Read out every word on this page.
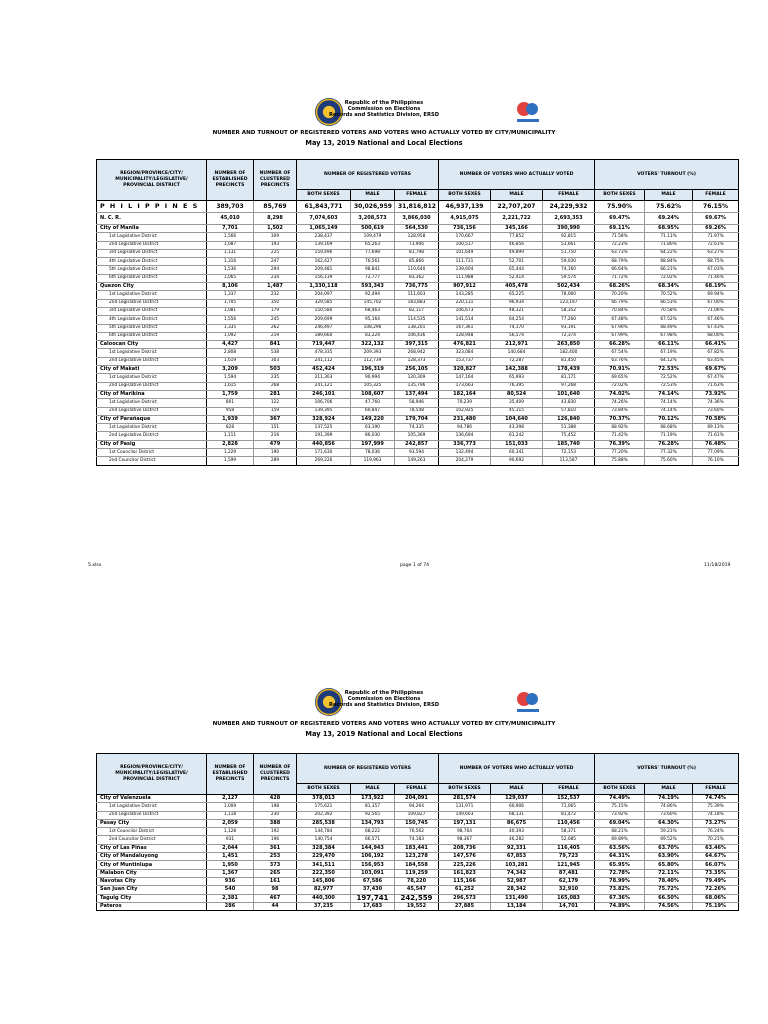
Republic of the Philippines
Commission on Elections
Records and Statistics Division, ERSD
NUMBER AND TURNOUT OF REGISTERED VOTERS AND VOTERS WHO ACTUALLY VOTED BY CITY/MUNICIPALITY
May 13, 2019 National and Local Elections
REGION/PROVINCE/CITY/ MUNICIPALITY/LEGISLATIVE/ PROVINCIAL DISTRICT	NUMBER OF ESTABLISHED PRECINCTS	NUMBER OF CLUSTERED PRECINCTS	NUMBER OF REGISTERED VOTERS			NUMBER OF VOTERS WHO ACTUALLY VOTED			VOTERS' TURNOUT (%)		
			BOTH SEXES	MALE	FEMALE	BOTH SEXES	MALE	FEMALE	BOTH SEXES	MALE	FEMALE
P H I L I P P I N E S	389,703	85,769	61,843,771	30,026,959	31,816,812	46,937,139	22,707,207	24,229,932	75.90%	75.62%	76.15%
N. C. R.	45,010	8,298	7,074,603	3,208,573	3,866,030	4,915,075	2,221,722	2,693,353	69.47%	69.24%	69.67%
City of Manila	7,701	1,502	1,065,149	500,619	564,530	736,156	345,166	390,990	69.11%	68.95%	69.26%
1st Legislative District	1,566	309	238,437	109,479	128,958	170,667	77,852	92,815	71.58%	71.11%	71.97%
2nd Legislative District	1,087	193	139,169	65,263	73,906	100,517	46,856	53,661	72.23%	71.80%	72.61%
3rd Legislative District	1,131	225	159,496	77,698	81,798	101,649	49,899	51,750	63.73%	64.22%	63.27%
4th Legislative District	1,316	247	162,427	76,561	85,866	111,731	52,701	59,030	68.79%	68.84%	68.75%
5th Legislative District	1,536	294	209,481	98,841	110,640	139,604	65,444	74,160	66.64%	66.21%	67.03%
6th Legislative District	1,065	234	156,139	72,777	83,362	111,988	52,414	59,574	71.72%	72.02%	71.46%
Quezon City	8,106	1,487	1,330,118	593,343	736,775	907,912	405,478	502,434	68.26%	68.34%	68.19%
1st Legislative District	1,337	232	204,097	92,494	111,603	143,285	65,225	78,060	70.20%	70.52%	69.94%
2nd Legislative District	1,705	350	329,585	145,702	183,883	220,131	96,934	123,197	66.79%	66.53%	67.00%
3rd Legislative District	1,081	179	150,580	68,463	82,117	106,673	48,321	58,352	70.84%	70.58%	71.06%
4th Legislative District	1,556	245	209,699	95,164	114,535	141,514	64,254	77,260	67.48%	67.52%	67.46%
5th Legislative District	1,335	262	246,497	108,296	138,201	167,361	74,170	93,191	67.90%	68.49%	67.43%
6th Legislative District	1,092	219	189,660	83,224	106,436	128,948	56,574	72,374	67.99%	67.98%	68.00%
Caloocan City	4,427	841	719,447	322,132	397,315	476,821	212,971	263,850	66.28%	66.11%	66.41%
1st Legislative District	2,808	538	478,335	209,393	268,942	323,084	140,684	182,400	67.54%	67.19%	67.82%
2nd Legislative District	1,619	303	241,112	112,739	128,373	153,737	72,287	81,450	63.76%	64.12%	63.45%
City of Makati	3,209	503	452,424	196,319	256,105	320,827	142,388	178,439	70.91%	72.53%	69.67%
1st Legislative District	1,594	235	211,303	90,994	120,309	147,164	65,993	81,171	69.65%	72.52%	67.47%
2nd Legislative District	1,615	268	241,121	105,325	135,796	173,663	76,395	97,268	72.02%	72.53%	71.63%
City of Marikina	1,759	281	246,101	108,607	137,494	182,164	80,524	101,640	74.02%	74.14%	73.92%
1st Legislative District	801	122	106,706	47,760	58,946	79,239	35,409	43,830	74.26%	74.14%	74.36%
2nd Legislative District	958	159	139,395	60,847	78,548	102,925	45,115	57,810	73.84%	74.14%	73.60%
City of Parañaque	1,939	367	328,924	149,220	179,704	231,480	104,640	126,840	70.37%	70.12%	70.58%
1st Legislative District	828	151	137,525	63,190	74,335	94,786	43,398	51,388	68.92%	68.68%	69.13%
2nd Legislative District	1,111	216	191,399	86,030	105,369	136,694	61,242	75,452	71.42%	71.19%	71.61%
City of Pasig	2,828	479	440,856	197,999	242,857	336,773	151,033	185,740	76.39%	76.28%	76.48%
1st Councilor District	1,229	190	171,630	78,036	93,594	132,494	60,341	72,153	77.20%	77.32%	77.09%
2nd Councilor District	1,599	289	269,226	119,963	149,263	204,279	90,692	113,587	75.88%	75.60%	76.10%
5.xlsx	page 1 of 74	11/18/2019
Republic of the Philippines
Commission on Elections
Records and Statistics Division, ERSD
NUMBER AND TURNOUT OF REGISTERED VOTERS AND VOTERS WHO ACTUALLY VOTED BY CITY/MUNICIPALITY
May 13, 2019 National and Local Elections
REGION/PROVINCE/CITY/ MUNICIPALITY/LEGISLATIVE/ PROVINCIAL DISTRICT	NUMBER OF ESTABLISHED PRECINCTS	NUMBER OF CLUSTERED PRECINCTS	NUMBER OF REGISTERED VOTERS			NUMBER OF VOTERS WHO ACTUALLY VOTED			VOTERS' TURNOUT (%)		
			BOTH SEXES	MALE	FEMALE	BOTH SEXES	MALE	FEMALE	BOTH SEXES	MALE	FEMALE
City of Valenzuela	2,127	428	378,013	173,922	204,091	281,574	129,037	152,537	74.49%	74.19%	74.74%
1st Legislative District	1,009	198	175,621	81,357	94,264	131,971	60,906	71,065	75.15%	74.86%	75.39%
2nd Legislative District	1,118	230	202,392	92,565	109,827	149,603	68,131	81,472	73.92%	73.60%	74.18%
Pasay City	2,059	388	285,538	134,793	150,745	197,131	86,675	110,456	69.04%	64.30%	73.27%
1st Councilor District	1,128	192	144,784	68,222	76,562	98,764	40,393	58,371	68.21%	59.21%	76.24%
2nd Councilor District	931	196	140,754	66,571	74,183	98,367	46,282	52,085	69.89%	69.52%	70.21%
City of Las Piñas	2,044	361	328,384	144,943	183,441	208,736	92,331	116,405	63.56%	63.70%	63.46%
City of Mandaluyong	1,451	253	229,470	106,192	123,278	147,576	67,853	79,723	64.31%	63.90%	64.67%
City of Muntinlupa	1,950	373	341,511	156,953	184,558	225,226	103,281	121,945	65.95%	65.80%	66.07%
Malabon City	1,367	265	222,350	103,091	119,259	161,823	74,342	87,481	72.78%	72.11%	73.35%
Navotas City	936	161	145,806	67,586	78,220	115,166	52,987	62,179	78.99%	78.40%	79.49%
San Juan City	540	98	82,977	37,430	45,547	61,252	28,342	32,910	73.82%	75.72%	72.26%
Taguig City	2,381	467	440,300	197,741	242,559	296,573	131,490	165,083	67.36%	66.50%	68.06%
Pateros	286	44	37,235	17,683	19,552	27,885	13,184	14,701	74.89%	74.56%	75.19%
